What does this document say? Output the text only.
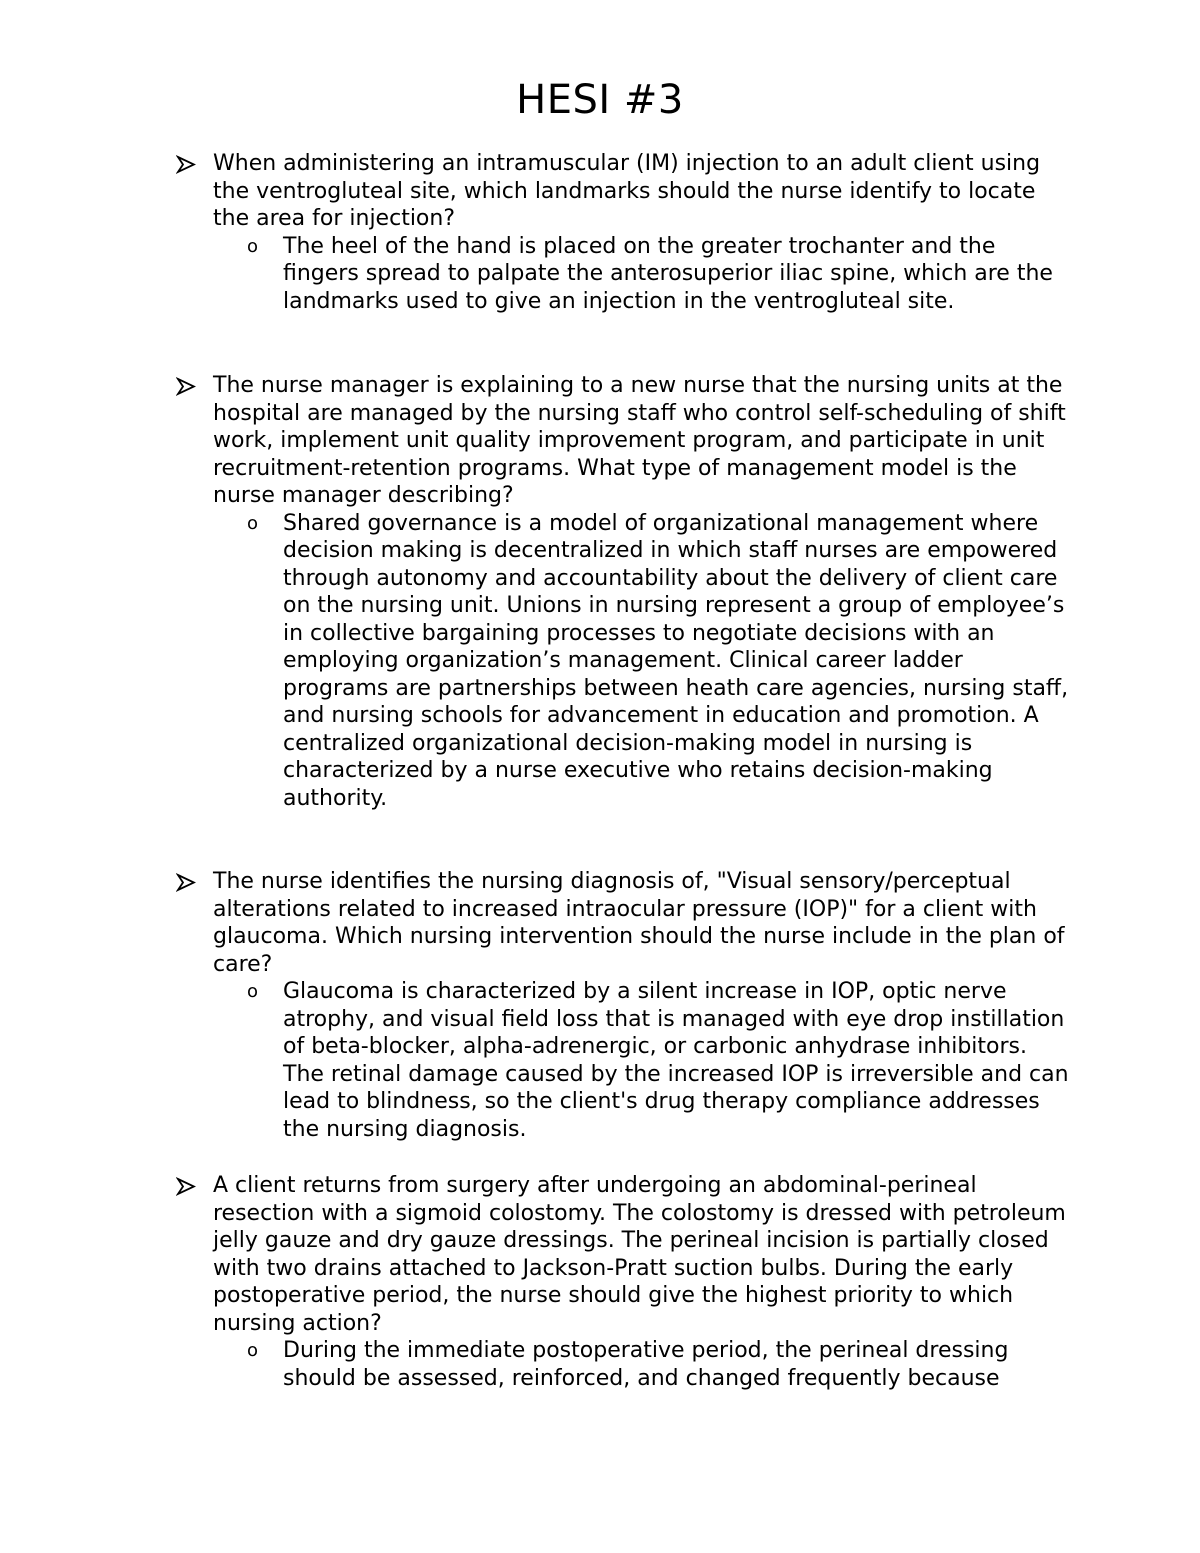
HESI #3
When administering an intramuscular (IM) injection to an adult client using the ventrogluteal site, which landmarks should the nurse identify to locate the area for injection?
o The heel of the hand is placed on the greater trochanter and the fingers spread to palpate the anterosuperior iliac spine, which are the landmarks used to give an injection in the ventrogluteal site.
The nurse manager is explaining to a new nurse that the nursing units at the hospital are managed by the nursing staff who control self-scheduling of shift work, implement unit quality improvement program, and participate in unit recruitment-retention programs. What type of management model is the nurse manager describing?
o Shared governance is a model of organizational management where decision making is decentralized in which staff nurses are empowered through autonomy and accountability about the delivery of client care on the nursing unit. Unions in nursing represent a group of employee’s in collective bargaining processes to negotiate decisions with an employing organization’s management. Clinical career ladder programs are partnerships between heath care agencies, nursing staff, and nursing schools for advancement in education and promotion. A centralized organizational decision-making model in nursing is characterized by a nurse executive who retains decision-making authority.
The nurse identifies the nursing diagnosis of, "Visual sensory/perceptual alterations related to increased intraocular pressure (IOP)" for a client with glaucoma. Which nursing intervention should the nurse include in the plan of care?
o Glaucoma is characterized by a silent increase in IOP, optic nerve atrophy, and visual field loss that is managed with eye drop instillation of beta-blocker, alpha-adrenergic, or carbonic anhydrase inhibitors. The retinal damage caused by the increased IOP is irreversible and can lead to blindness, so the client's drug therapy compliance addresses the nursing diagnosis.
A client returns from surgery after undergoing an abdominal-perineal resection with a sigmoid colostomy. The colostomy is dressed with petroleum jelly gauze and dry gauze dressings. The perineal incision is partially closed with two drains attached to Jackson-Pratt suction bulbs. During the early postoperative period, the nurse should give the highest priority to which nursing action?
o During the immediate postoperative period, the perineal dressing should be assessed, reinforced, and changed frequently because
